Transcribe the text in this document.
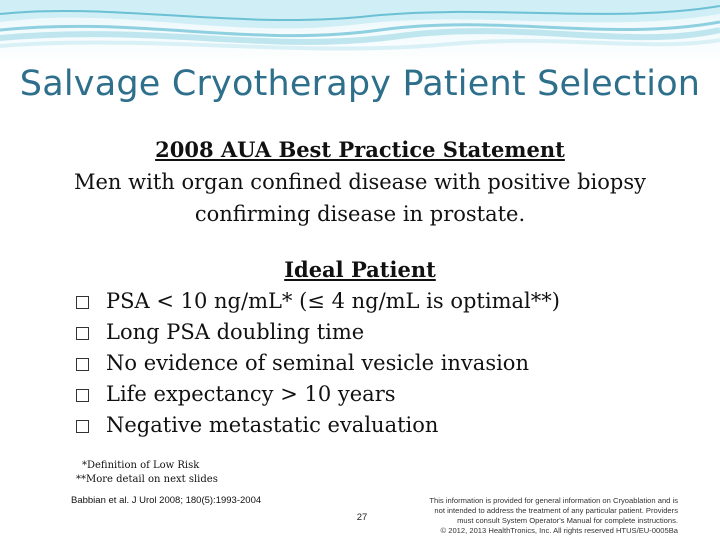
Salvage Cryotherapy Patient Selection
2008 AUA Best Practice Statement
Men with organ confined disease with positive biopsy
confirming disease in prostate.
Ideal Patient
PSA < 10 ng/mL* (≤ 4 ng/mL is optimal**)
Long PSA doubling time
No evidence of seminal vesicle invasion
Life expectancy > 10 years
Negative metastatic evaluation
*Definition of Low Risk
**More detail on next slides
Babbian et al. J Urol 2008; 180(5):1993-2004
27
This information is provided for general information on Cryoablation and is
not intended to address the treatment of any particular patient. Providers
must consult System Operator's Manual for complete instructions.
© 2012, 2013 HealthTronics, Inc. All rights reserved HTUS/EU-0005Ba
